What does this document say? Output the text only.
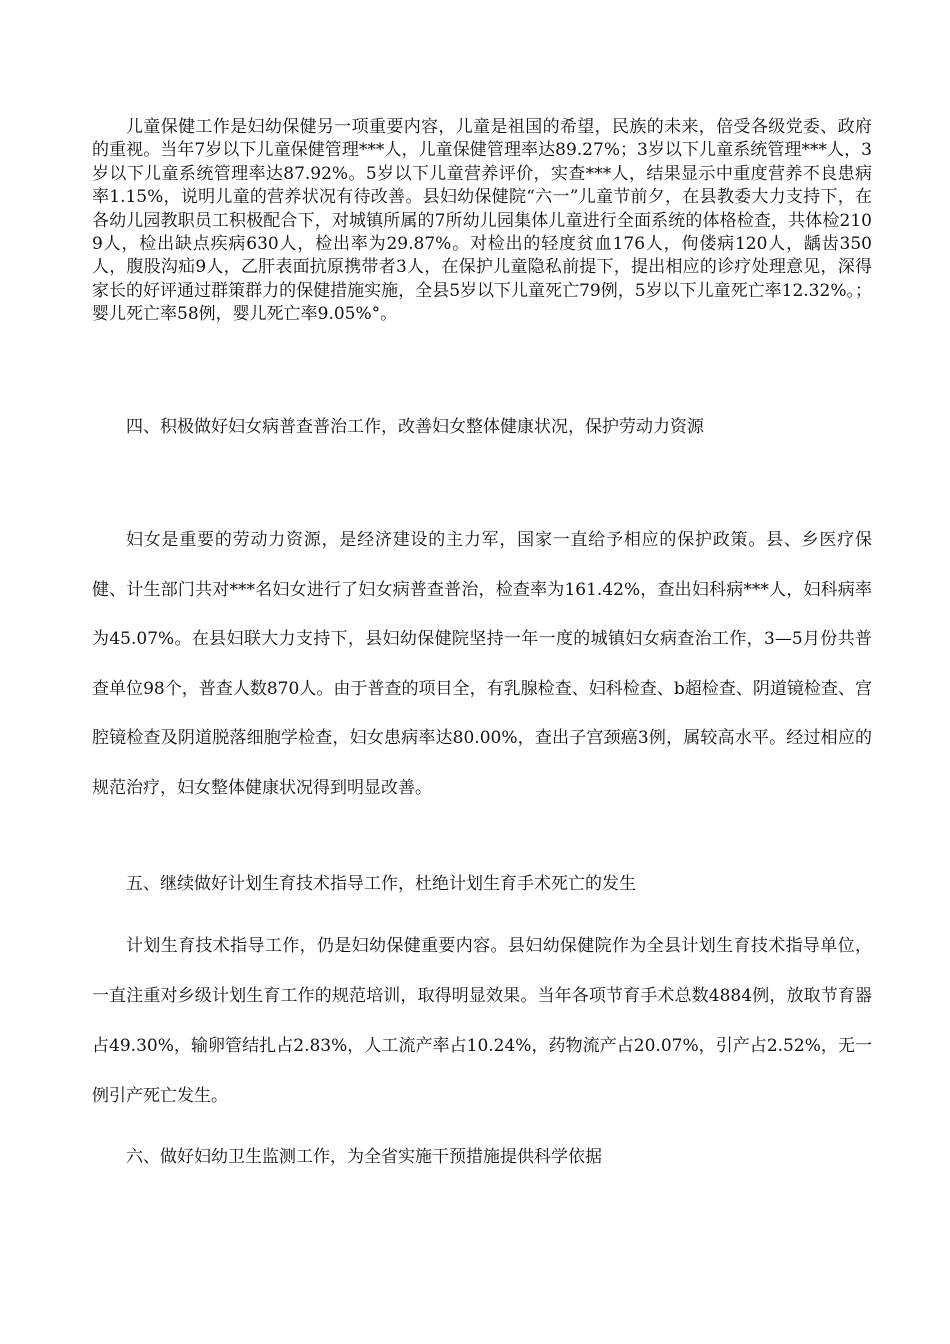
儿童保健工作是妇幼保健另一项重要内容，儿童是祖国的希望，民族的未来，倍受各级党委、政府的重视。当年7岁以下儿童保健管理***人，儿童保健管理率达89.27%；3岁以下儿童系统管理***人，3岁以下儿童系统管理率达87.92%。5岁以下儿童营养评价，实查***人，结果显示中重度营养不良患病率1.15%，说明儿童的营养状况有待改善。县妇幼保健院“六一”儿童节前夕，在县教委大力支持下，在各幼儿园教职员工积极配合下，对城镇所属的7所幼儿园集体儿童进行全面系统的体格检查，共体检2109人，检出缺点疾病630人，检出率为29.87%。对检出的轻度贫血176人，佝偻病120人，龋齿350人，腹股沟疝9人，乙肝表面抗原携带者3人，在保护儿童隐私前提下，提出相应的诊疗处理意见，深得家长的好评通过群策群力的保健措施实施，全县5岁以下儿童死亡79例，5岁以下儿童死亡率12.32%。；婴儿死亡率58例，婴儿死亡率9.05%°。

四、积极做好妇女病普查普治工作，改善妇女整体健康状况，保护劳动力资源

妇女是重要的劳动力资源，是经济建设的主力军，国家一直给予相应的保护政策。县、乡医疗保健、计生部门共对***名妇女进行了妇女病普查普治，检查率为161.42%，查出妇科病***人，妇科病率为45.07%。在县妇联大力支持下，县妇幼保健院坚持一年一度的城镇妇女病查治工作，3—5月份共普查单位98个，普查人数870人。由于普查的项目全，有乳腺检查、妇科检查、b超检查、阴道镜检查、宫腔镜检查及阴道脱落细胞学检查，妇女患病率达80.00%，查出子宫颈癌3例，属较高水平。经过相应的规范治疗，妇女整体健康状况得到明显改善。

五、继续做好计划生育技术指导工作，杜绝计划生育手术死亡的发生

计划生育技术指导工作，仍是妇幼保健重要内容。县妇幼保健院作为全县计划生育技术指导单位，一直注重对乡级计划生育工作的规范培训，取得明显效果。当年各项节育手术总数4884例，放取节育器占49.30%，输卵管结扎占2.83%，人工流产率占10.24%，药物流产占20.07%，引产占2.52%，无一例引产死亡发生。

六、做好妇幼卫生监测工作，为全省实施干预措施提供科学依据
